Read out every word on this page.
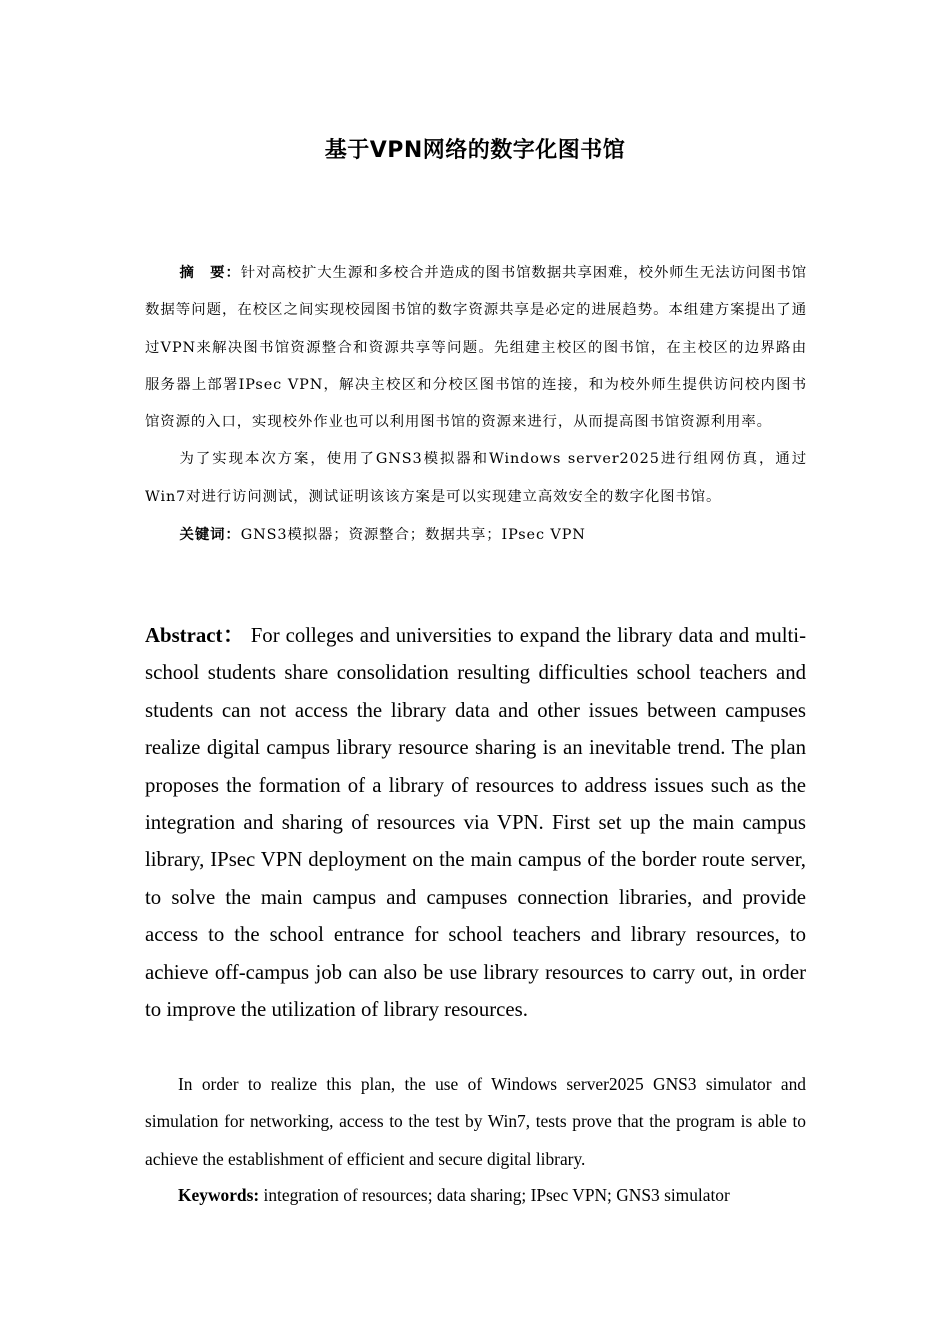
基于VPN网络的数字化图书馆

摘　要：针对高校扩大生源和多校合并造成的图书馆数据共享困难，校外师生无法访问图书馆数据等问题，在校区之间实现校园图书馆的数字资源共享是必定的进展趋势。本组建方案提出了通过VPN来解决图书馆资源整合和资源共享等问题。先组建主校区的图书馆，在主校区的边界路由服务器上部署IPsec VPN，解决主校区和分校区图书馆的连接，和为校外师生提供访问校内图书馆资源的入口，实现校外作业也可以利用图书馆的资源来进行，从而提高图书馆资源利用率。

为了实现本次方案，使用了GNS3模拟器和Windows server2025进行组网仿真，通过Win7对进行访问测试，测试证明该该方案是可以实现建立高效安全的数字化图书馆。

关键词：GNS3模拟器；资源整合；数据共享；IPsec VPN

Abstract： For colleges and universities to expand the library data and multi-school students share consolidation resulting difficulties school teachers and students can not access the library data and other issues between campuses realize digital campus library resource sharing is an inevitable trend. The plan proposes the formation of a library of resources to address issues such as the integration and sharing of resources via VPN. First set up the main campus library, IPsec VPN deployment on the main campus of the border route server, to solve the main campus and campuses connection libraries, and provide access to the school entrance for school teachers and library resources, to achieve off-campus job can also be use library resources to carry out, in order to improve the utilization of library resources.

In order to realize this plan, the use of Windows server2025 GNS3 simulator and simulation for networking, access to the test by Win7, tests prove that the program is able to achieve the establishment of efficient and secure digital library.

Keywords: integration of resources; data sharing; IPsec VPN; GNS3 simulator
